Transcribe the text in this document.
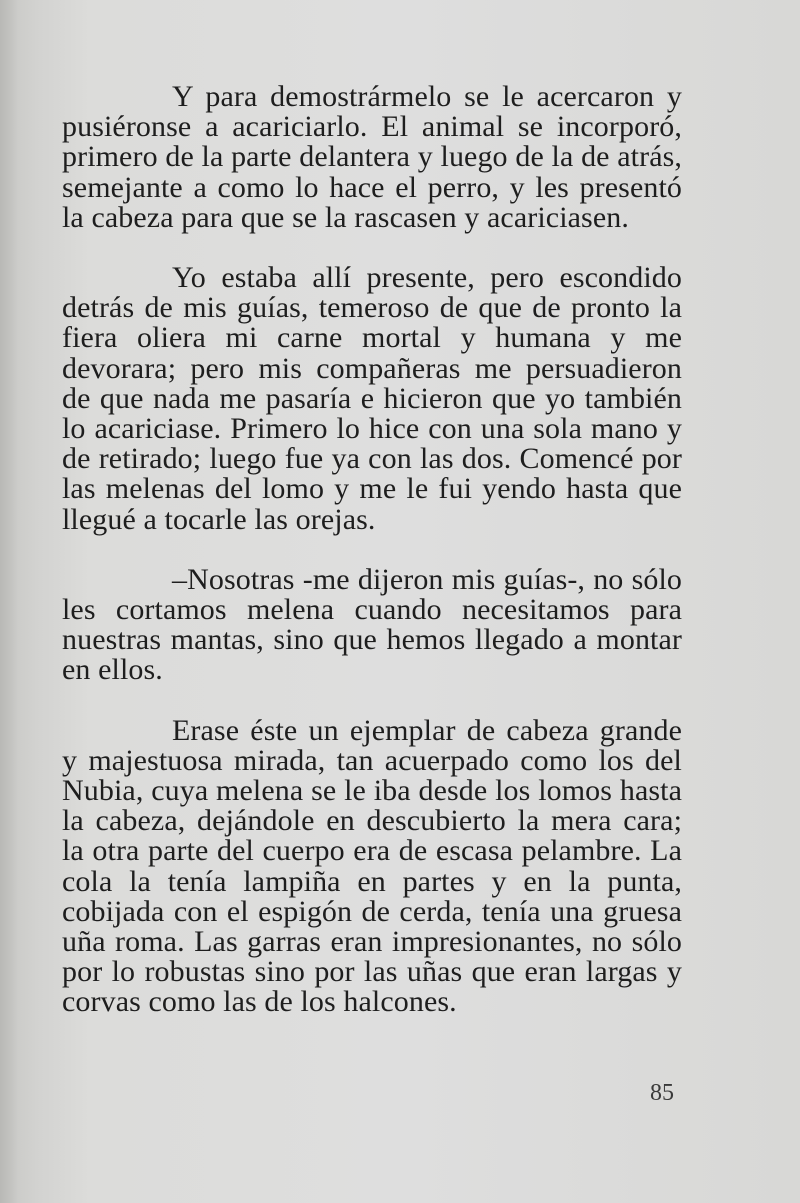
Y para demostrármelo se le acercaron y pusiéronse a acariciarlo. El animal se incorporó, primero de la parte delantera y luego de la de atrás, semejante a como lo hace el perro, y les presentó la cabeza para que se la rascasen y acariciasen.

Yo estaba allí presente, pero escondido detrás de mis guías, temeroso de que de pronto la fiera oliera mi carne mortal y humana y me devorara; pero mis compañeras me persuadieron de que nada me pasaría e hicieron que yo también lo acariciase. Primero lo hice con una sola mano y de retirado; luego fue ya con las dos. Comencé por las melenas del lomo y me le fui yendo hasta que llegué a tocarle las orejas.

–Nosotras -me dijeron mis guías-, no sólo les cortamos melena cuando necesitamos para nuestras mantas, sino que hemos llegado a montar en ellos.

Erase éste un ejemplar de cabeza grande y majestuosa mirada, tan acuerpado como los del Nubia, cuya melena se le iba desde los lomos hasta la cabeza, dejándole en descubierto la mera cara; la otra parte del cuerpo era de escasa pelambre. La cola la tenía lampiña en partes y en la punta, cobijada con el espigón de cerda, tenía una gruesa uña roma. Las garras eran impresionantes, no sólo por lo robustas sino por las uñas que eran largas y corvas como las de los halcones.

85
